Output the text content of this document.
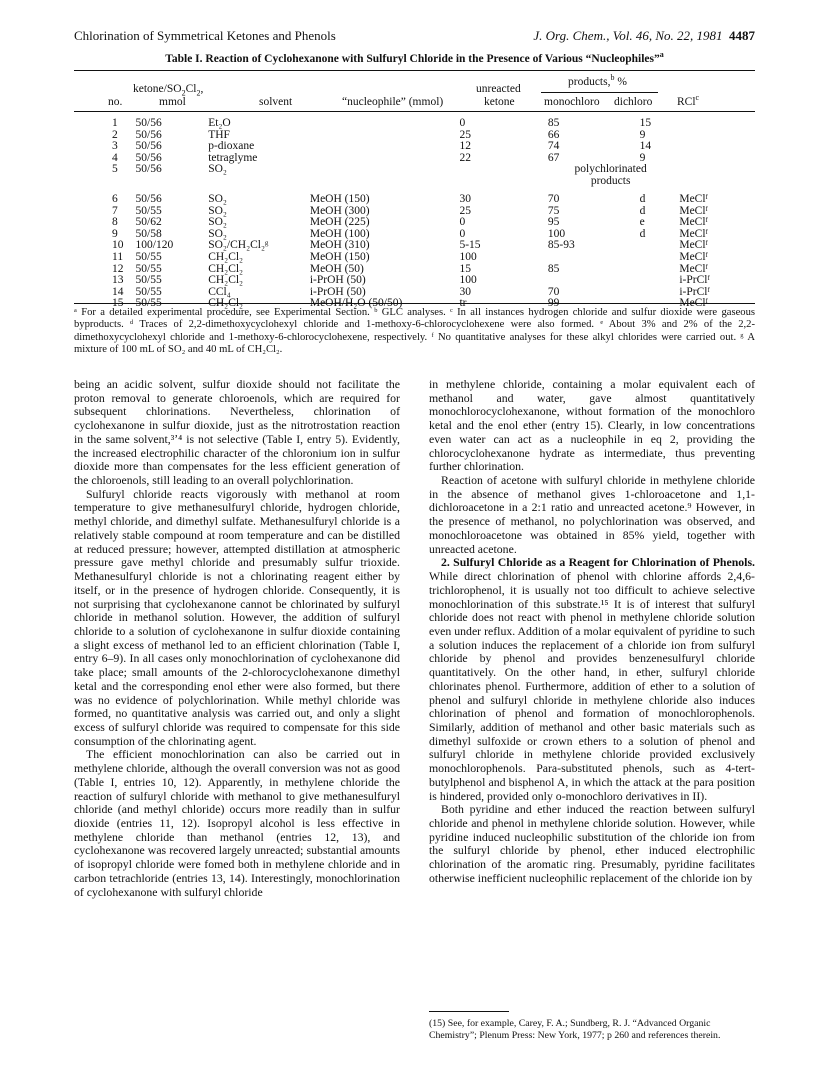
Chlorination of Symmetrical Ketones and Phenols	J. Org. Chem., Vol. 46, No. 22, 1981 4487
Table I. Reaction of Cyclohexanone with Sulfuryl Chloride in the Presence of Various “Nucleophiles”$^a$
ketone/$SO_2Cl_2$,
no.	mmol	solvent	“nucleophile” (mmol)
unreacted
ketone
products,$^b$ %
monochloro dichloro RCl$^c$
1	50/56	Et₂O		0	85	15	
2	50/56	THF		25	66	9	
3	50/56	p-dioxane		12	74	14	
4	50/56	tetraglyme		22	67	9	
5	50/56	SO₂			polychlorinated		
					products		
6	50/56	SO₂	MeOH (150)	30	70	d	MeClᶠ
7	50/55	SO₂	MeOH (300)	25	75	d	MeClᶠ
8	50/62	SO₂	MeOH (225)	0	95	e	MeClᶠ
9	50/58	SO₂	MeOH (100)	0	100	d	MeClᶠ
10	100/120	SO₂/CH₂Cl₂ᵍ	MeOH (310)	5-15	85-93		MeClᶠ
11	50/55	CH₂Cl₂	MeOH (150)	100			MeClᶠ
12	50/55	CH₂Cl₂	MeOH (50)	15	85		MeClᶠ
13	50/55	CH₂Cl₂	i-PrOH (50)	100			i-PrClᶠ
14	50/55	CCl₄	i-PrOH (50)	30	70		i-PrClᶠ
15	50/55	CH₂Cl₂	MeOH/H₂O (50/50)	tr	99		MeClᶠ
ᵃ For a detailed experimental procedure, see Experimental Section. ᵇ GLC analyses. ᶜ In all instances hydrogen chloride and sulfur dioxide were gaseous byproducts. ᵈ Traces of 2,2-dimethoxycyclohexyl chloride and 1-methoxy-6-chlorocyclohexene were also formed. ᵉ About 3% and 2% of the 2,2-dimethoxycyclohexyl chloride and 1-methoxy-6-chlorocyclohexene, respectively. ᶠ No quantitative analyses for these alkyl chlorides were carried out. ᵍ A mixture of 100 mL of SO₂ and 40 mL of CH₂Cl₂.

being an acidic solvent, sulfur dioxide should not facilitate the proton removal to generate chloroenols, which are required for subsequent chlorinations. Nevertheless, chlorination of cyclohexanone in sulfur dioxide, just as the nitrotrostation reaction in the same solvent,³ʼ⁴ is not selective (Table I, entry 5). Evidently, the increased electrophilic character of the chloronium ion in sulfur dioxide more than compensates for the less efficient generation of the chloroenols, still leading to an overall polychlorination.

Sulfuryl chloride reacts vigorously with methanol at room temperature to give methanesulfuryl chloride, hydrogen chloride, methyl chloride, and dimethyl sulfate. Methanesulfuryl chloride is a relatively stable compound at room temperature and can be distilled at reduced pressure; however, attempted distillation at atmospheric pressure gave methyl chloride and presumably sulfur trioxide. Methanesulfuryl chloride is not a chlorinating reagent either by itself, or in the presence of hydrogen chloride. Consequently, it is not surprising that cyclohexanone cannot be chlorinated by sulfuryl chloride in methanol solution. However, the addition of sulfuryl chloride to a solution of cyclohexanone in sulfur dioxide containing a slight excess of methanol led to an efficient chlorination (Table I, entry 6–9). In all cases only monochlorination of cyclohexanone did take place; small amounts of the 2-chlorocyclohexanone dimethyl ketal and the corresponding enol ether were also formed, but there was no evidence of polychlorination. While methyl chloride was formed, no quantitative analysis was carried out, and only a slight excess of sulfuryl chloride was required to compensate for this side consumption of the chlorinating agent.

The efficient monochlorination can also be carried out in methylene chloride, although the overall conversion was not as good (Table I, entries 10, 12). Apparently, in methylene chloride the reaction of sulfuryl chloride with methanol to give methanesulfuryl chloride (and methyl chloride) occurs more readily than in sulfur dioxide (entries 11, 12). Isopropyl alcohol is less effective in methylene chloride than methanol (entries 12, 13), and cyclohexanone was recovered largely unreacted; substantial amounts of isopropyl chloride were fomed both in methylene chloride and in carbon tetrachloride (entries 13, 14). Interestingly, monochlorination of cyclohexanone with sulfuryl chloride

in methylene chloride, containing a molar equivalent each of methanol and water, gave almost quantitatively monochlorocyclohexanone, without formation of the monochloro ketal and the enol ether (entry 15). Clearly, in low concentrations even water can act as a nucleophile in eq 2, providing the chlorocyclohexanone hydrate as intermediate, thus preventing further chlorination.

Reaction of acetone with sulfuryl chloride in methylene chloride in the absence of methanol gives 1-chloroacetone and 1,1-dichloroacetone in a 2:1 ratio and unreacted acetone.⁹ However, in the presence of methanol, no polychlorination was observed, and monochloroacetone was obtained in 85% yield, together with unreacted acetone.

2. Sulfuryl Chloride as a Reagent for Chlorination of Phenols. While direct chlorination of phenol with chlorine affords 2,4,6-trichlorophenol, it is usually not too difficult to achieve selective monochlorination of this substrate.¹⁵ It is of interest that sulfuryl chloride does not react with phenol in methylene chloride solution even under reflux. Addition of a molar equivalent of pyridine to such a solution induces the replacement of a chloride ion from sulfuryl chloride by phenol and provides benzenesulfuryl chloride quantitatively. On the other hand, in ether, sulfuryl chloride chlorinates phenol. Furthermore, addition of ether to a solution of phenol and sulfuryl chloride in methylene chloride also induces chlorination of phenol and formation of monochlorophenols. Similarly, addition of methanol and other basic materials such as dimethyl sulfoxide or crown ethers to a solution of phenol and sulfuryl chloride in methylene chloride provided exclusively monochlorophenols. Para-substituted phenols, such as 4-tert-butylphenol and bisphenol A, in which the attack at the para position is hindered, provided only o-monochloro derivatives in II).

Both pyridine and ether induced the reaction between sulfuryl chloride and phenol in methylene chloride solution. However, while pyridine induced nucleophilic substitution of the chloride ion from the sulfuryl chloride by phenol, ether induced electrophilic chlorination of the aromatic ring. Presumably, pyridine facilitates otherwise inefficient nucleophilic replacement of the chloride ion by

(15) See, for example, Carey, F. A.; Sundberg, R. J. “Advanced Organic Chemistry”; Plenum Press: New York, 1977; p 260 and references therein.
